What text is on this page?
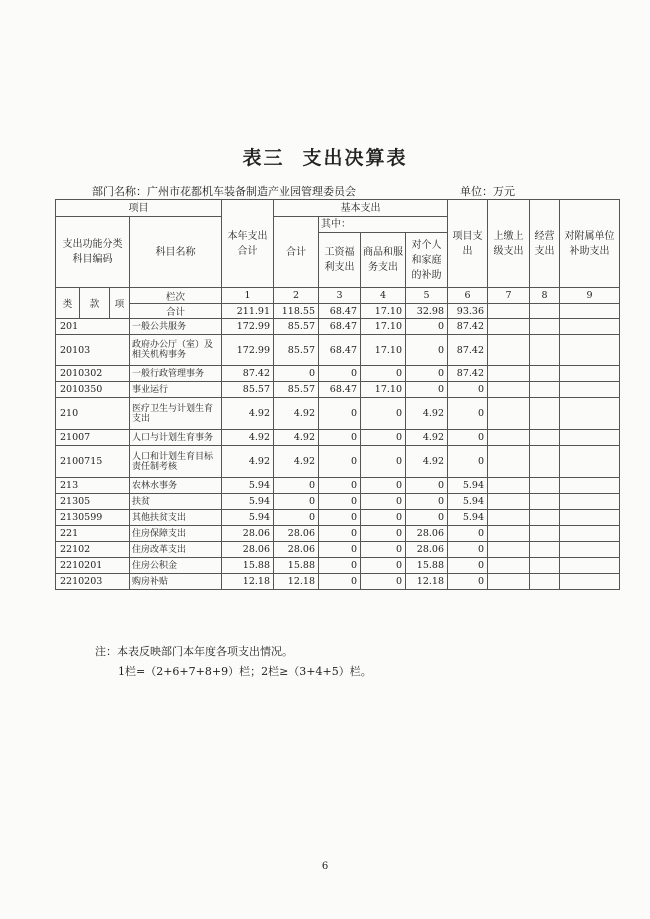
表三 支出决算表
部门名称：广州市花都机车装备制造产业园管理委员会	单位：万元
项目				本年支出合计	基本支出				项目支出	上缴上级支出	经营支出	对附属单位补助支出
支出功能分类科目编码			科目名称		合计	其中：						
						工资福利支出	商品和服务支出	对个人和家庭的补助				
类	款	项	栏次	1	2	3	4	5	6	7	8	9
			合计	211.91	118.55	68.47	17.10	32.98	93.36			
201			一般公共服务	172.99	85.57	68.47	17.10	0	87.42			
20103			政府办公厅（室）及相关机构事务	172.99	85.57	68.47	17.10	0	87.42			
2010302			一般行政管理事务	87.42	0	0	0	0	87.42			
2010350			事业运行	85.57	85.57	68.47	17.10	0	0			
210			医疗卫生与计划生育支出	4.92	4.92	0	0	4.92	0			
21007			人口与计划生育事务	4.92	4.92	0	0	4.92	0			
2100715			人口和计划生育目标责任制考核	4.92	4.92	0	0	4.92	0			
213			农林水事务	5.94	0	0	0	0	5.94			
21305			扶贫	5.94	0	0	0	0	5.94			
2130599			其他扶贫支出	5.94	0	0	0	0	5.94			
221			住房保障支出	28.06	28.06	0	0	28.06	0			
22102			住房改革支出	28.06	28.06	0	0	28.06	0			
2210201			住房公积金	15.88	15.88	0	0	15.88	0			
2210203			购房补贴	12.18	12.18	0	0	12.18	0			
注：本表反映部门本年度各项支出情况。
1栏=（2+6+7+8+9）栏；2栏≥（3+4+5）栏。
6
